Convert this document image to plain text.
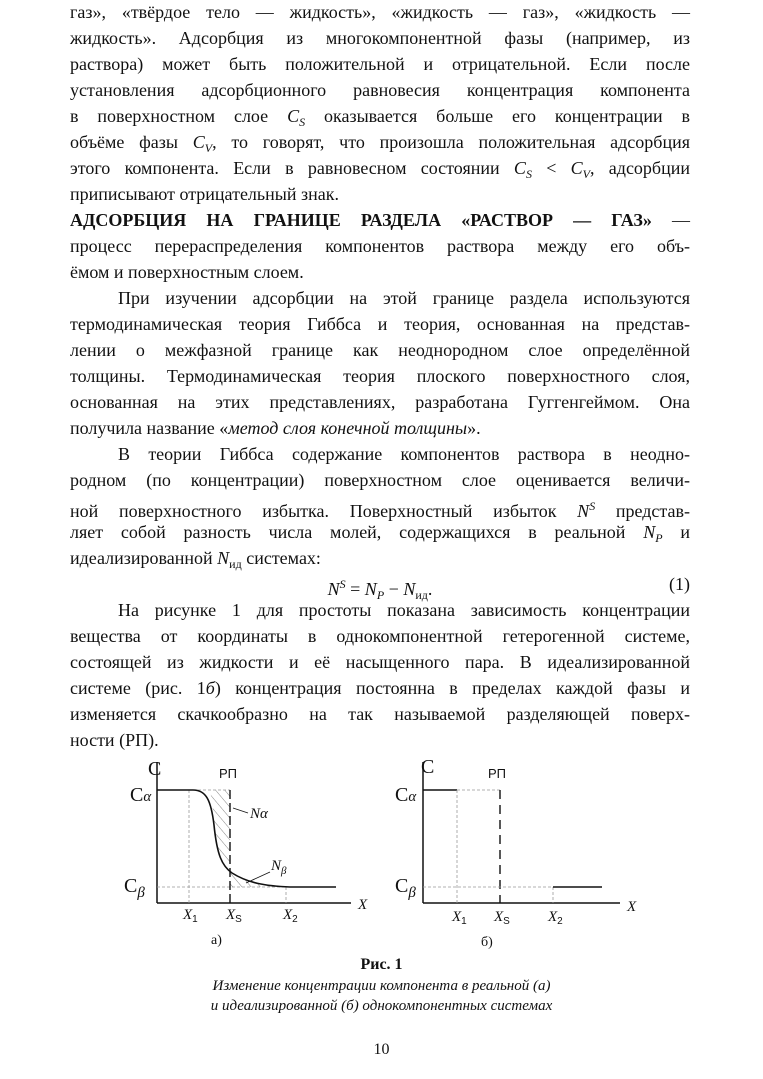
газ», «твёрдое тело — жидкость», «жидкость — газ», «жидкость —
жидкость». Адсорбция из многокомпонентной фазы (например, из
раствора) может быть положительной и отрицательной. Если после
установления адсорбционного равновесия концентрация компонента
в поверхностном слое $C_S$ оказывается больше его концентрации в
объёме фазы $C_V$, то говорят, что произошла положительная адсорбция
этого компонента. Если в равновесном состоянии $C_S < C_V$, адсорбции
приписывают отрицательный знак.
АДСОРБЦИЯ НА ГРАНИЦЕ РАЗДЕЛА «РАСТВОР — ГАЗ» —
процесс перераспределения компонентов раствора между его объ-
ёмом и поверхностным слоем.
При изучении адсорбции на этой границе раздела используются
термодинамическая теория Гиббса и теория, основанная на представ-
лении о межфазной границе как неоднородном слое определённой
толщины. Термодинамическая теория плоского поверхностного слоя,
основанная на этих представлениях, разработана Гуггенгеймом. Она
получила название «метод слоя конечной толщины».
В теории Гиббса содержание компонентов раствора в неодно-
родном (по концентрации) поверхностном слое оценивается величи-
ной поверхностного избытка. Поверхностный избыток $N^S$ представ-
ляет собой разность числа молей, содержащихся в реальной $N_P$ и
идеализированной $N_{ид}$ системах:
На рисунке 1 для простоты показана зависимость концентрации
вещества от координаты в однокомпонентной гетерогенной системе,
состоящей из жидкости и её насыщенного пара. В идеализированной
системе (рис. 1б) концентрация постоянна в пределах каждой фазы и
изменяется скачкообразно на так называемой разделяющей поверх-
ности (РП).
$N^S = N_P - N_{ид}$.	(1)
C
Cα
$C_\beta$
РП
X
Nα
$N_\beta$
$X_1$ $X_S$	$X_2$
а)
C
Cα
$C_\beta$
РП
X
$X_1$ $X_S$	$X_2$
б)
Рис. 1
Изменение концентрации компонента в реальной (а)
и идеализированной (б) однокомпонентных системах
10
